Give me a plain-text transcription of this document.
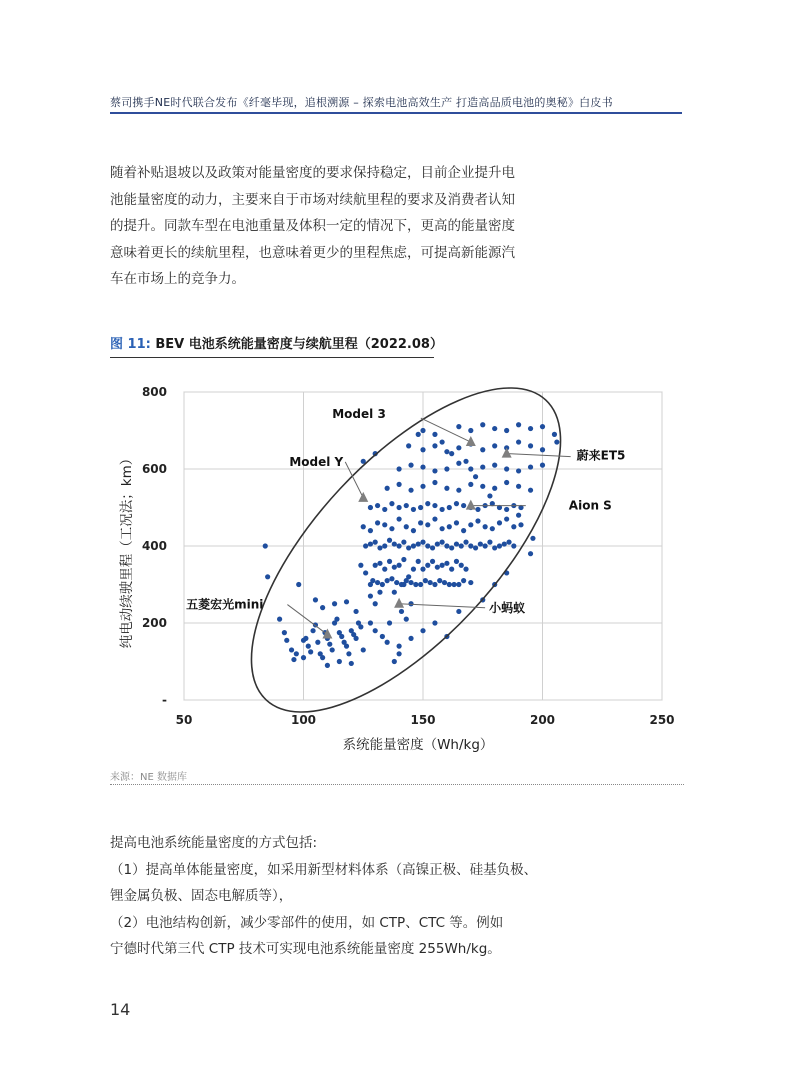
蔡司携手NE时代联合发布《纤毫毕现，追根溯源 – 探索电池高效生产 打造高品质电池的奥秘》白皮书

随着补贴退坡以及政策对能量密度的要求保持稳定，目前企业提升电

池能量密度的动力，主要来自于市场对续航里程的要求及消费者认知

的提升。同款车型在电池重量及体积一定的情况下，更高的能量密度

意味着更长的续航里程，也意味着更少的里程焦虑，可提高新能源汽

车在市场上的竞争力。

图 11: BEV 电池系统能量密度与续航里程（2022.08）
50	100	150	200	250
-
200
400
600
800
Model 3
蔚来ET5
Model Y
Aion S
五菱宏光mini	小蚂蚁
系统能量密度（Wh/kg）
纯电动续驶里程（工况法；km）
来源：NE 数据库

提高电池系统能量密度的方式包括:

（1）提高单体能量密度，如采用新型材料体系（高镍正极、硅基负极、

锂金属负极、固态电解质等），

（2）电池结构创新，减少零部件的使用，如 CTP、CTC 等。例如

宁德时代第三代 CTP 技术可实现电池系统能量密度 255Wh/kg。

14
